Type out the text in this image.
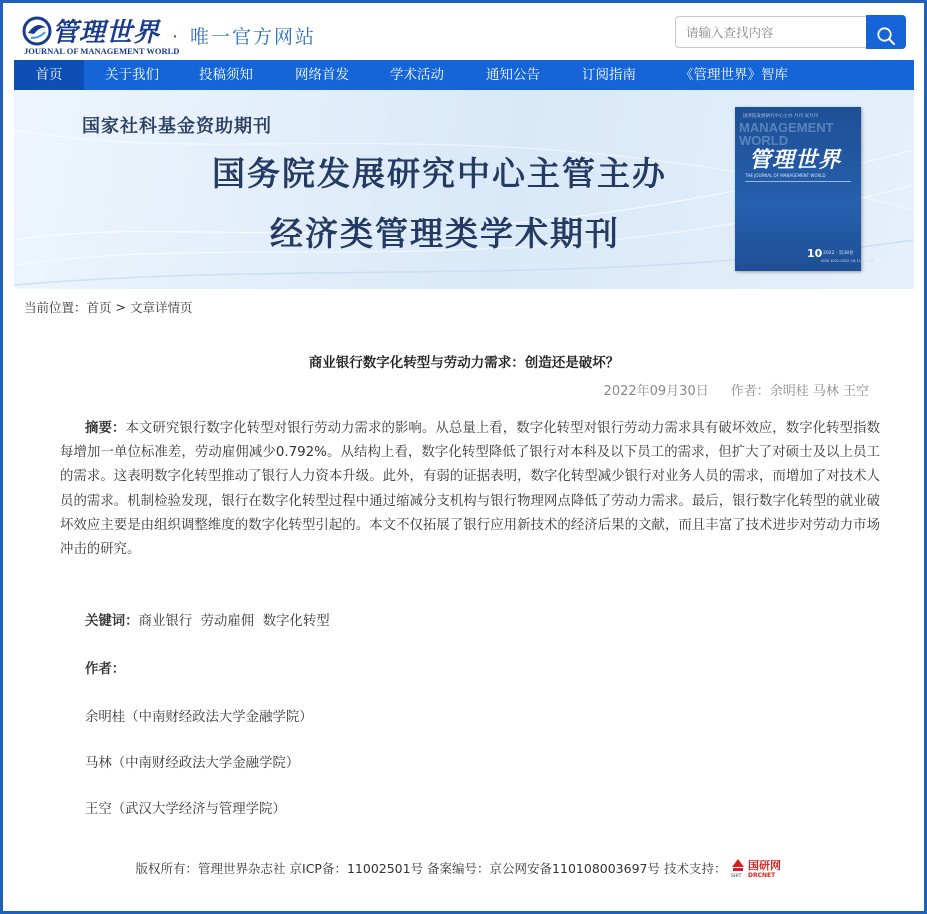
管理世界
JOURNAL OF MANAGEMENT WORLD
· 唯一官方网站
请输入查找内容
首页	关于我们	投稿须知	网络首发	学术活动	通知公告	订阅指南	《管理世界》智库
国家社科基金资助期刊
国务院发展研究中心主管主办
经济类管理类学术期刊
国务院发展研究中心主办 月刊 双月刊
MANAGEMENT WORLD
管理世界
THE JOURNAL OF MANAGEMENT WORLD
10 2022 · 第38卷
ISSN 1002-5502 CN 11-1235/F
当前位置：首页 > 文章详情页
商业银行数字化转型与劳动力需求：创造还是破坏？
2022年09月30日 作者：余明桂 马林 王空
摘要：本文研究银行数字化转型对银行劳动力需求的影响。从总量上看，数字化转型对银行劳动力需求具有破坏效应，数字化转型指数每增加一单位标准差，劳动雇佣减少0.792%。从结构上看，数字化转型降低了银行对本科及以下员工的需求，但扩大了对硕士及以上员工的需求。这表明数字化转型推动了银行人力资本升级。此外，有弱的证据表明，数字化转型减少银行对业务人员的需求，而增加了对技术人员的需求。机制检验发现，银行在数字化转型过程中通过缩减分支机构与银行物理网点降低了劳动力需求。最后，银行数字化转型的就业破坏效应主要是由组织调整维度的数字化转型引起的。本文不仅拓展了银行应用新技术的经济后果的文献，而且丰富了技术进步对劳动力市场冲击的研究。
关键词：商业银行  劳动雇佣  数字化转型
作者：
余明桂（中南财经政法大学金融学院）
马林（中南财经政法大学金融学院）
王空（武汉大学经济与管理学院）
版权所有：管理世界杂志社 京ICP备：11002501号 备案编号：京公网安备110108003697号 技术支持： 国研网
SHIT DRCNET
